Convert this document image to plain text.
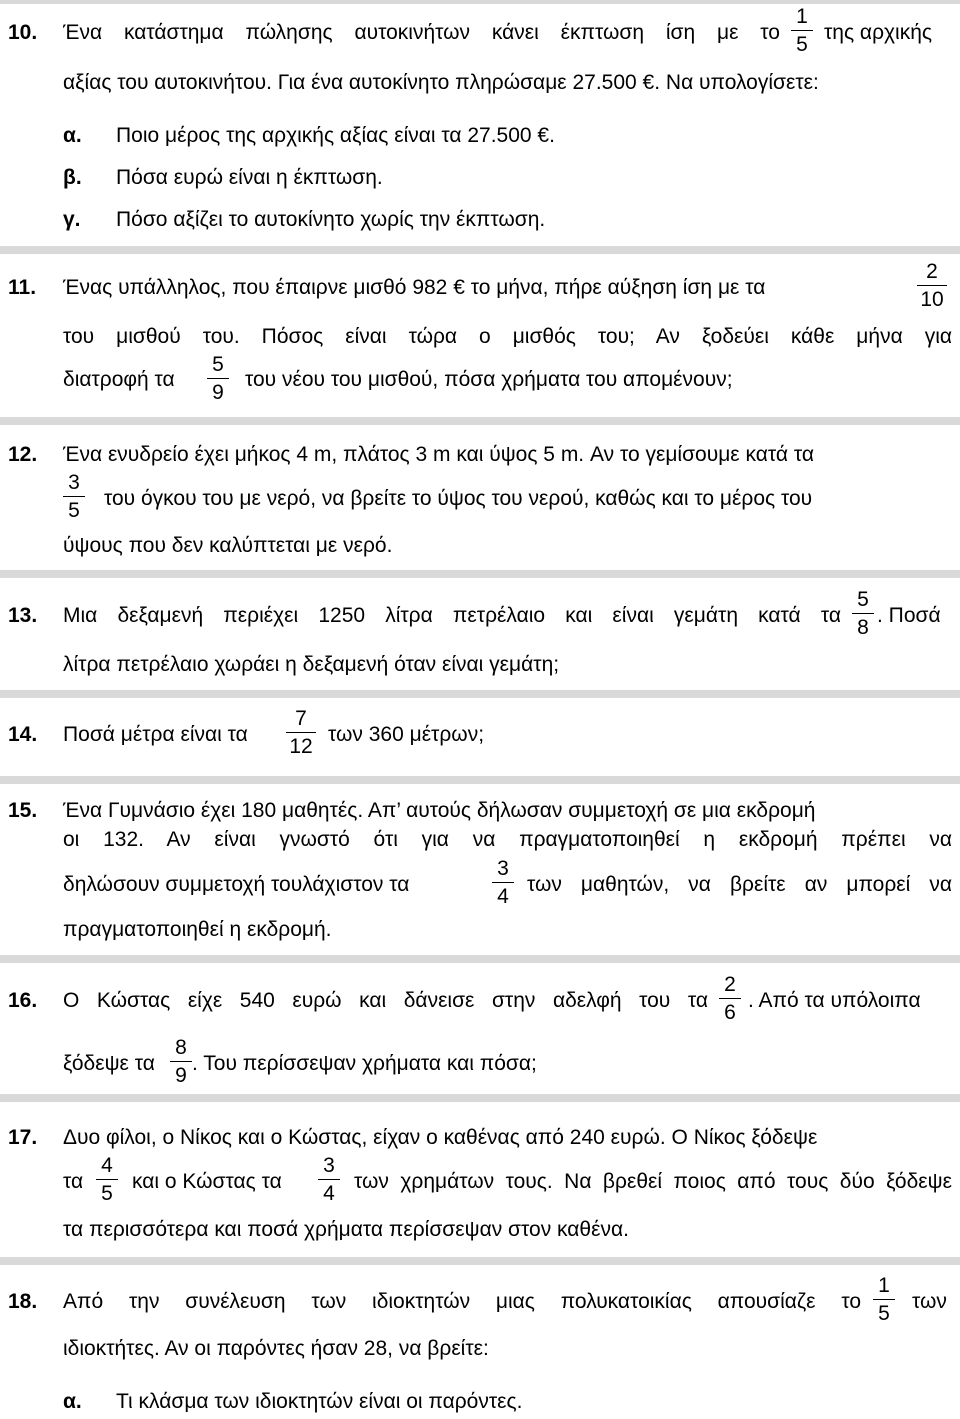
10. Ένα κατάστημα πώλησης αυτοκινήτων κάνει έκπτωση ίση με το
1
5
της αρχικής
αξίας του αυτοκινήτου. Για ένα αυτοκίνητο πληρώσαμε 27.500 €. Να υπολογίσετε:
α. Ποιο μέρος της αρχικής αξίας είναι τα 27.500 €.
β. Πόσα ευρώ είναι η έκπτωση.
γ. Πόσο αξίζει το αυτοκίνητο χωρίς την έκπτωση.
11. Ένας υπάλληλος, που έπαιρνε μισθό 982 € το μήνα, πήρε αύξηση ίση με τα
2
10
του μισθού του. Πόσος είναι τώρα ο μισθός του; Αν ξοδεύει κάθε μήνα για
διατροφή τα
5
9
του νέου του μισθού, πόσα χρήματα του απομένουν;
12. Ένα ενυδρείο έχει μήκος 4 m, πλάτος 3 m και ύψος 5 m. Αν το γεμίσουμε κατά τα
3
5
του όγκου του με νερό, να βρείτε το ύψος του νερού, καθώς και το μέρος του
ύψους που δεν καλύπτεται με νερό.
13. Μια δεξαμενή περιέχει 1250 λίτρα πετρέλαιο και είναι γεμάτη κατά τα
5
8
. Ποσά
λίτρα πετρέλαιο χωράει η δεξαμενή όταν είναι γεμάτη;
14. Ποσά μέτρα είναι τα
7
12
των 360 μέτρων;
15. Ένα Γυμνάσιο έχει 180 μαθητές. Απ’ αυτούς δήλωσαν συμμετοχή σε μια εκδρομή
οι 132. Αν είναι γνωστό ότι για να πραγματοποιηθεί η εκδρομή πρέπει να
δηλώσουν συμμετοχή τουλάχιστον τα
3
4
των μαθητών, να βρείτε αν μπορεί να
πραγματοποιηθεί η εκδρομή.
16. Ο Κώστας είχε 540 ευρώ και δάνεισε στην αδελφή του τα
2
6
. Από τα υπόλοιπα
ξόδεψε τα
8
9
. Του περίσσεψαν χρήματα και πόσα;
17. Δυο φίλοι, ο Νίκος και ο Κώστας, είχαν ο καθένας από 240 ευρώ. Ο Νίκος ξόδεψε
τα
4
5
και ο Κώστας τα
3
4
των χρημάτων τους. Να βρεθεί ποιος από τους δύο ξόδεψε
τα περισσότερα και ποσά χρήματα περίσσεψαν στον καθένα.
18. Από την συνέλευση των ιδιοκτητών μιας πολυκατοικίας απουσίαζε το
1
5
των
ιδιοκτήτες. Αν οι παρόντες ήσαν 28, να βρείτε:
α. Τι κλάσμα των ιδιοκτητών είναι οι παρόντες.
